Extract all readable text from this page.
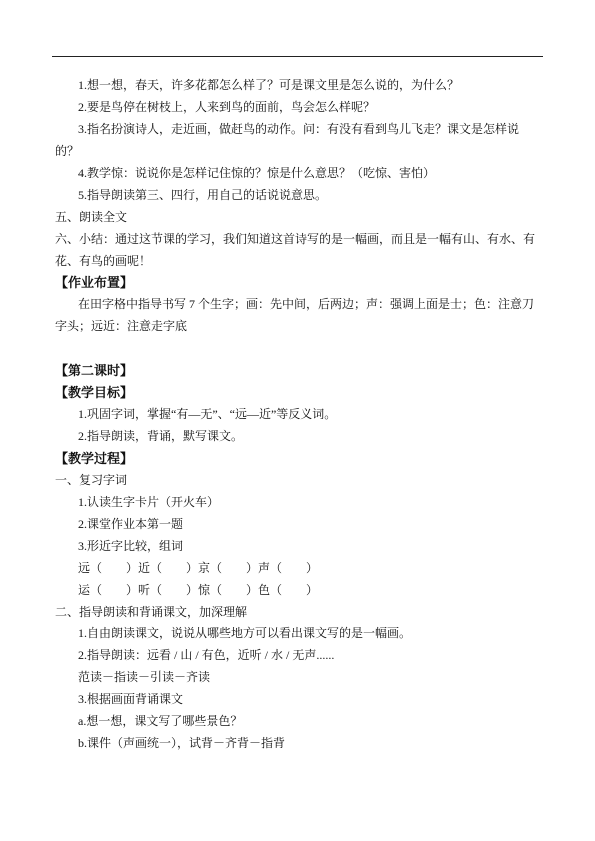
1.想一想，春天，许多花都怎么样了？可是课文里是怎么说的，为什么？
2.要是鸟停在树枝上，人来到鸟的面前，鸟会怎么样呢？
3.指名扮演诗人，走近画，做赶鸟的动作。问：有没有看到鸟儿飞走？课文是怎样说
的？
4.教学惊：说说你是怎样记住惊的？惊是什么意思？（吃惊、害怕）
5.指导朗读第三、四行，用自己的话说说意思。
五、朗读全文
六、小结：通过这节课的学习，我们知道这首诗写的是一幅画，而且是一幅有山、有水、有
花、有鸟的画呢！
【作业布置】
在田字格中指导书写 7 个生字；画：先中间，后两边；声：强调上面是士；色：注意刀
字头；远近：注意走字底
【第二课时】
【教学目标】
1.巩固字词，掌握“有—无”、“远—近”等反义词。
2.指导朗读，背诵，默写课文。
【教学过程】
一、复习字词
1.认读生字卡片（开火车）
2.课堂作业本第一题
3.形近字比较，组词
远（　　）近（　　）京（　　）声（　　）
运（　　）听（　　）惊（　　）色（　　）
二、指导朗读和背诵课文，加深理解
1.自由朗读课文，说说从哪些地方可以看出课文写的是一幅画。
2.指导朗读：远看 / 山 / 有色，近听 / 水 / 无声......
范读－指读－引读－齐读
3.根据画面背诵课文
a.想一想，课文写了哪些景色？
b.课件（声画统一），试背－齐背－指背
